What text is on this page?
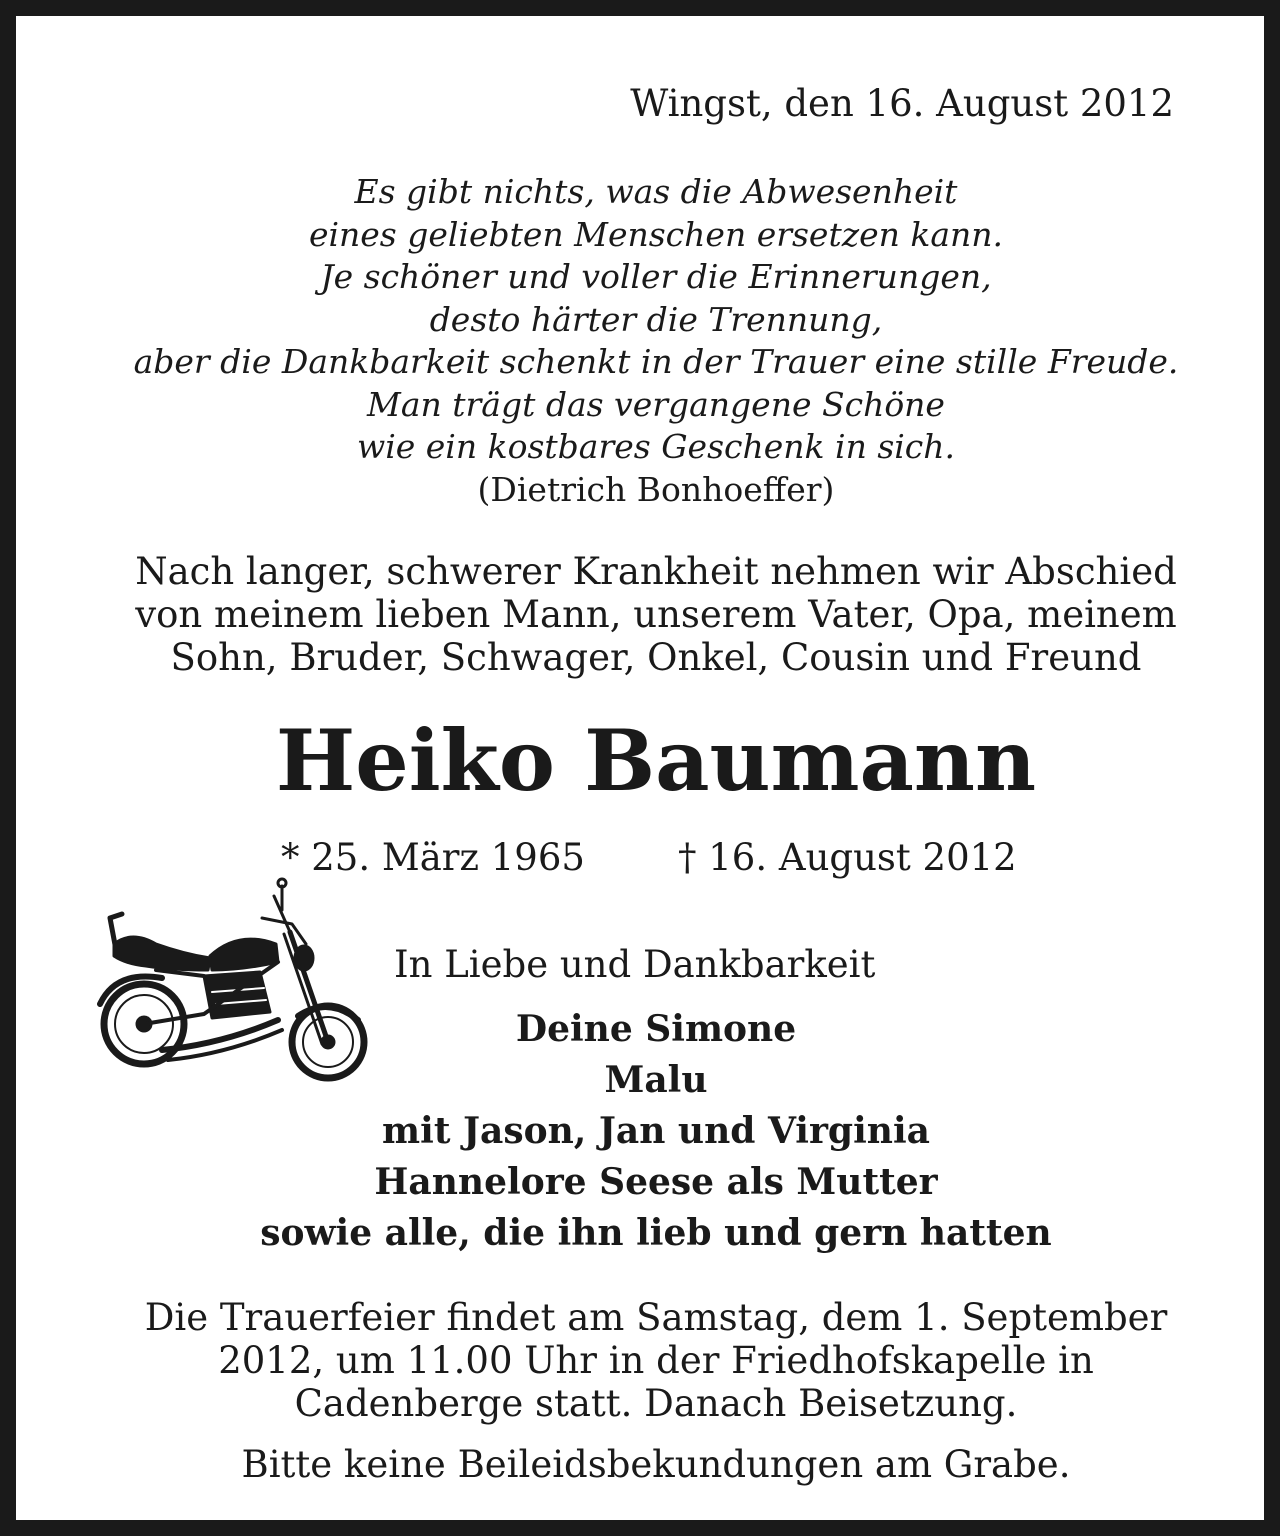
Wingst, den 16. August 2012
Es gibt nichts, was die Abwesenheit
eines geliebten Menschen ersetzen kann.
Je schöner und voller die Erinnerungen,
desto härter die Trennung,
aber die Dankbarkeit schenkt in der Trauer eine stille Freude.
Man trägt das vergangene Schöne
wie ein kostbares Geschenk in sich.
(Dietrich Bonhoeffer)
Nach langer, schwerer Krankheit nehmen wir Abschied
von meinem lieben Mann, unserem Vater, Opa, meinem
Sohn, Bruder, Schwager, Onkel, Cousin und Freund
Heiko Baumann
* 25. März 1965	† 16. August 2012
In Liebe und Dankbarkeit
Deine Simone
Malu
mit Jason, Jan und Virginia
Hannelore Seese als Mutter
sowie alle, die ihn lieb und gern hatten
Die Trauerfeier findet am Samstag, dem 1. September
2012, um 11.00 Uhr in der Friedhofskapelle in
Cadenberge statt. Danach Beisetzung.
Bitte keine Beileidsbekundungen am Grabe.
